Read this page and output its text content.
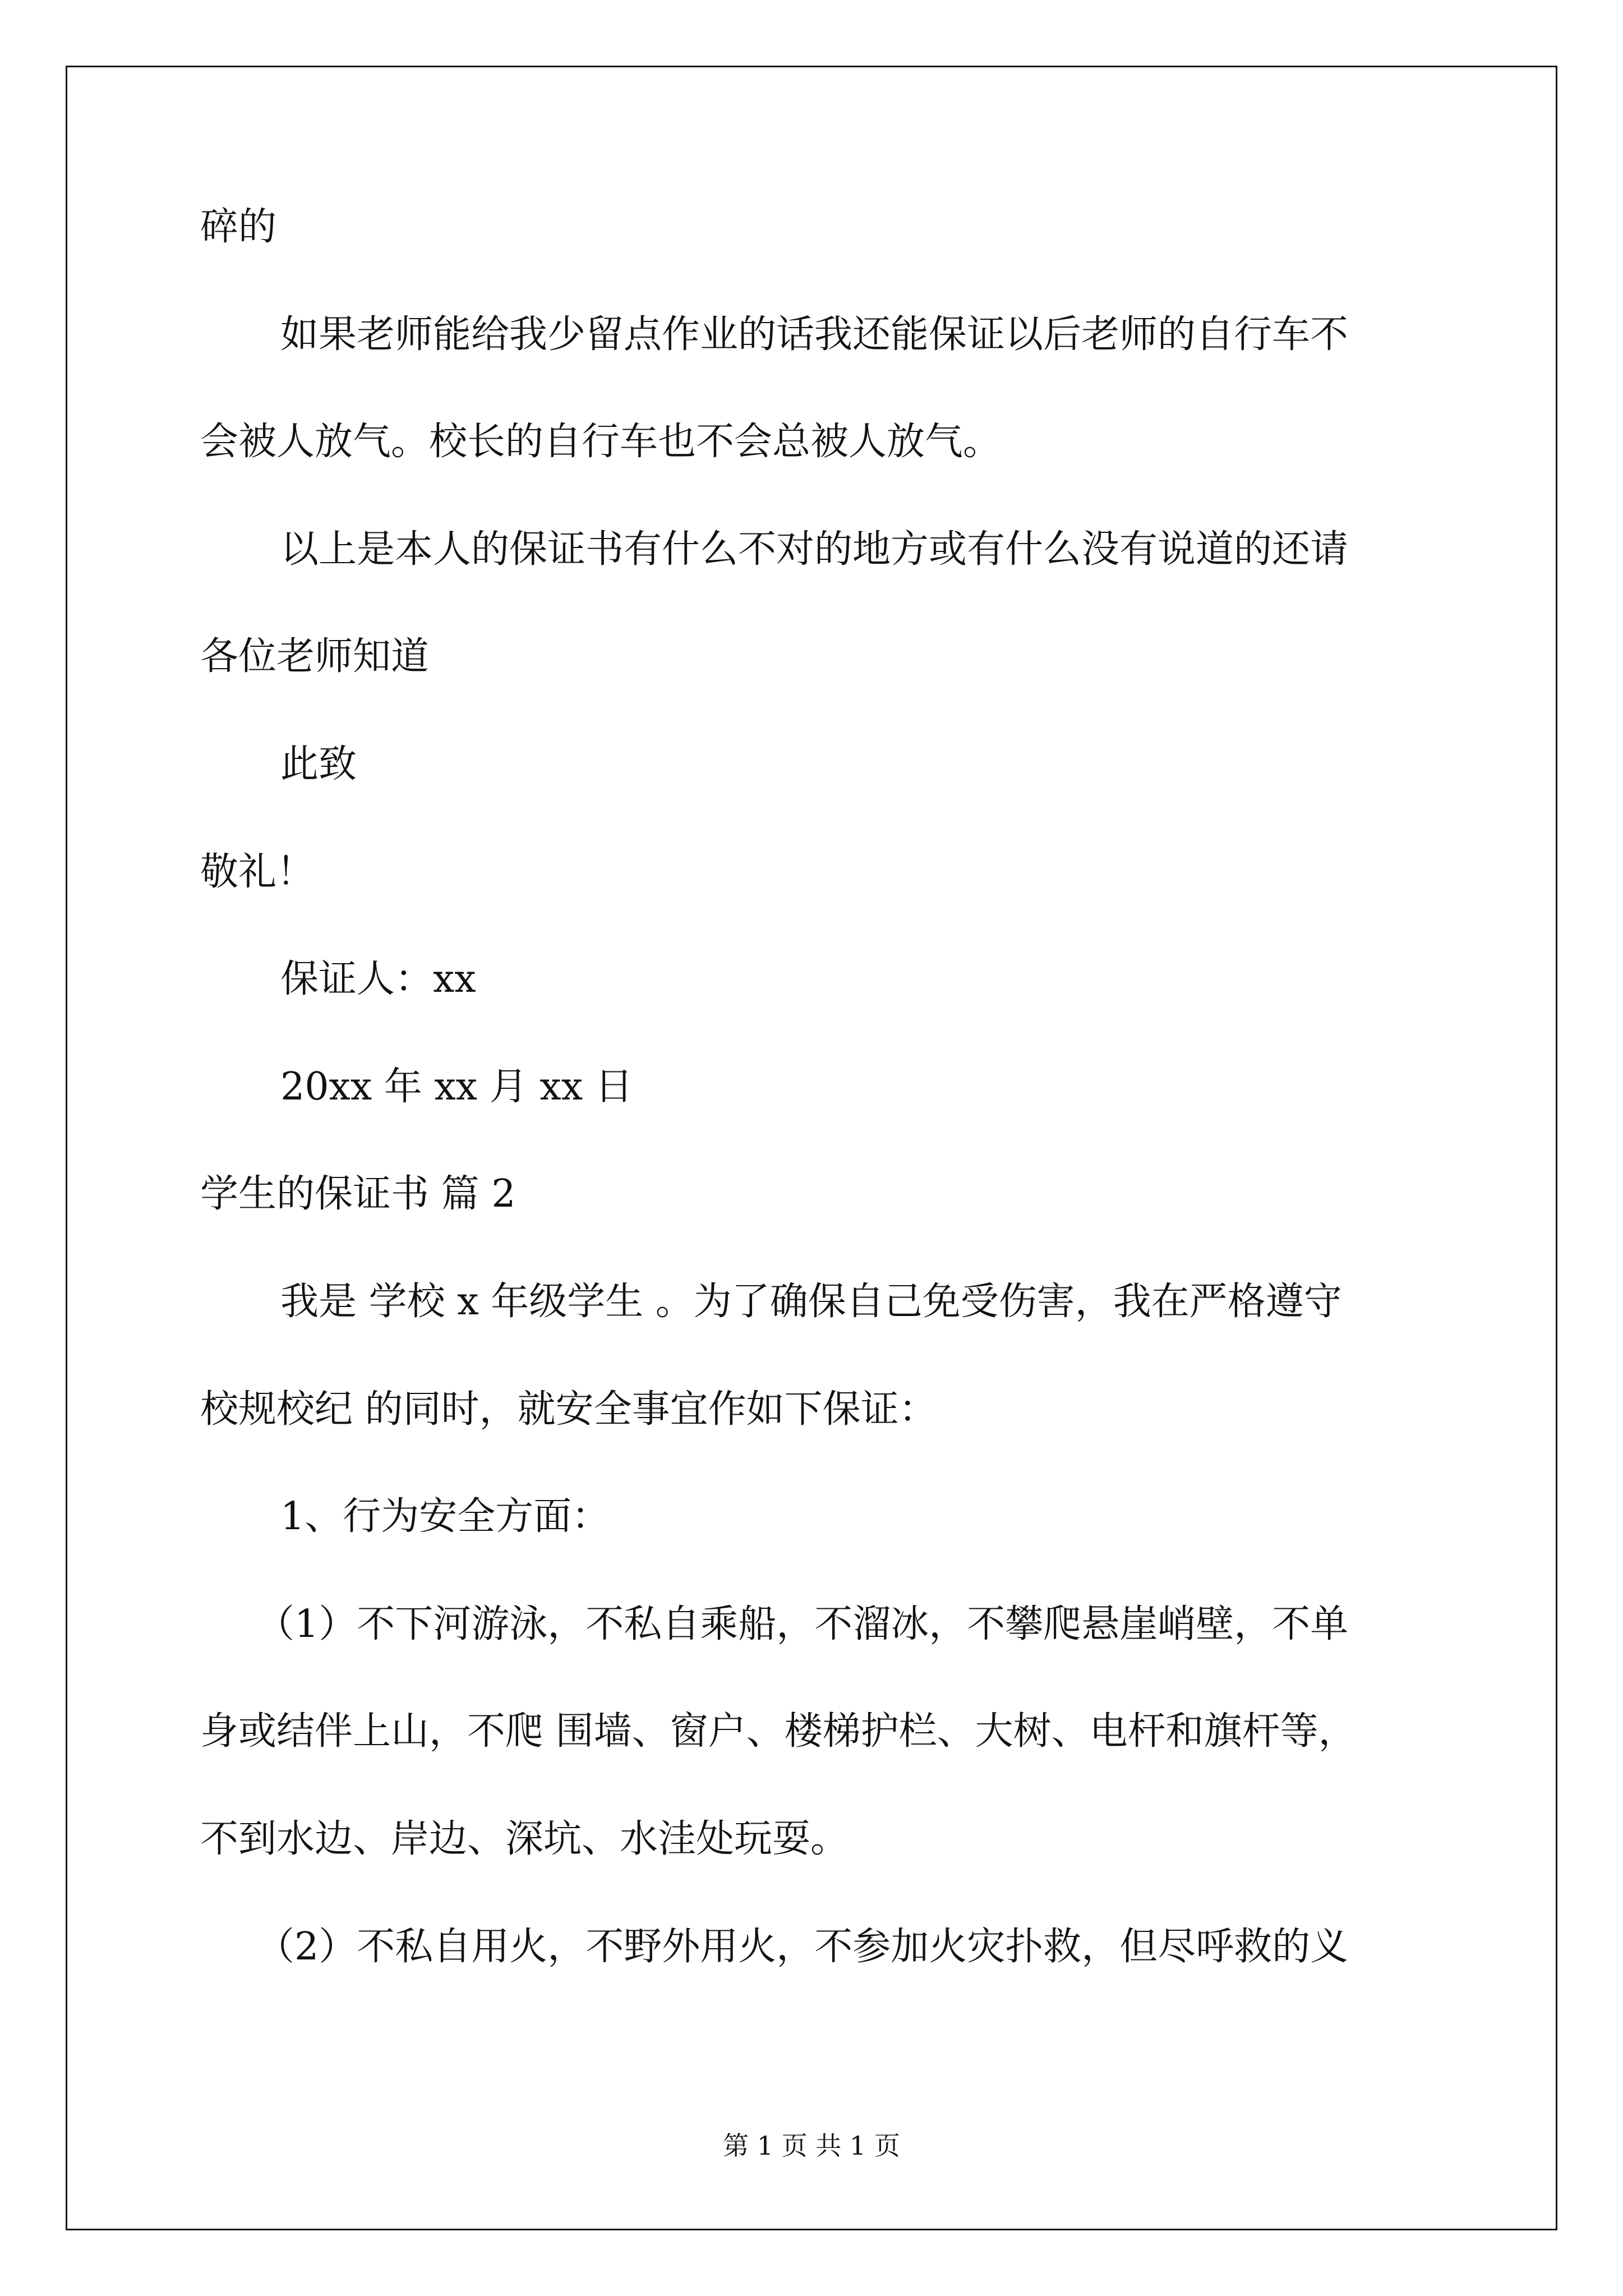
碎的
如果老师能给我少留点作业的话我还能保证以后老师的自行车不
会被人放气。校长的自行车也不会总被人放气。
以上是本人的保证书有什么不对的地方或有什么没有说道的还请
各位老师知道
此致
敬礼！
保证人：xx
20xx 年 xx 月 xx 日
学生的保证书 篇 2
我是 学校 x 年级学生 。为了确保自己免受伤害，我在严格遵守
校规校纪 的同时，就安全事宜作如下保证：
1、行为安全方面：
（1）不下河游泳，不私自乘船，不溜冰，不攀爬悬崖峭壁，不单
身或结伴上山，不爬 围墙、窗户、楼梯护栏、大树、电杆和旗杆等，
不到水边、岸边、深坑、水洼处玩耍。
（2）不私自用火，不野外用火，不参加火灾扑救，但尽呼救的义
第 1 页 共 1 页
